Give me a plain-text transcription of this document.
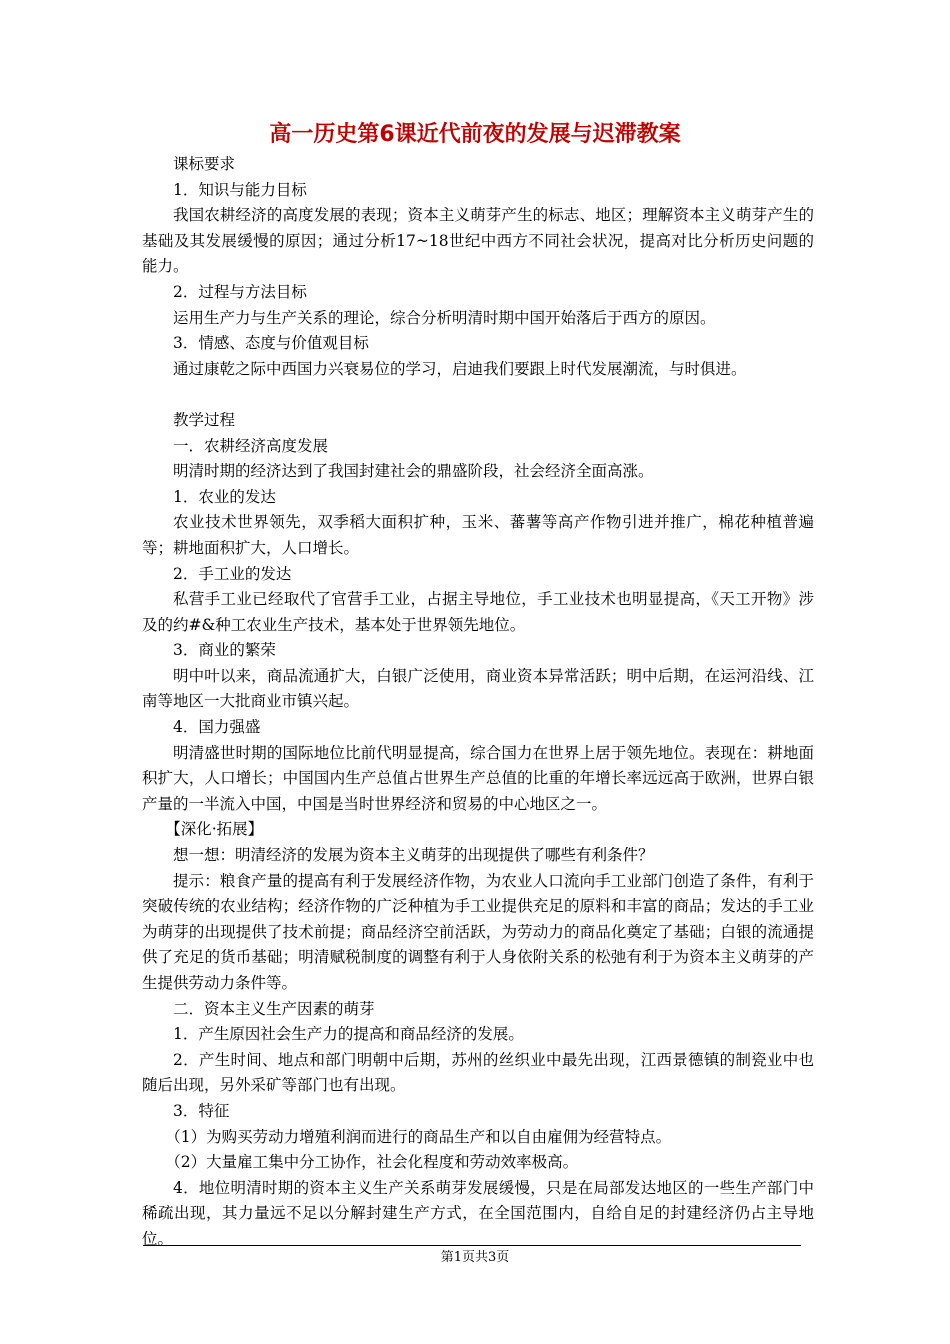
高一历史第6课近代前夜的发展与迟滞教案

课标要求

1．知识与能力目标

我国农耕经济的高度发展的表现；资本主义萌芽产生的标志、地区；理解资本主义萌芽产生的基础及其发展缓慢的原因；通过分析17~18世纪中西方不同社会状况，提高对比分析历史问题的能力。

2．过程与方法目标

运用生产力与生产关系的理论，综合分析明清时期中国开始落后于西方的原因。

3．情感、态度与价值观目标

通过康乾之际中西国力兴衰易位的学习，启迪我们要跟上时代发展潮流，与时俱进。

教学过程

一．农耕经济高度发展

明清时期的经济达到了我国封建社会的鼎盛阶段，社会经济全面高涨。

1．农业的发达

农业技术世界领先，双季稻大面积扩种，玉米、蕃薯等高产作物引进并推广，棉花种植普遍等；耕地面积扩大，人口增长。

2．手工业的发达

私营手工业已经取代了官营手工业，占据主导地位，手工业技术也明显提高，《天工开物》涉及的约#&种工农业生产技术，基本处于世界领先地位。

3．商业的繁荣

明中叶以来，商品流通扩大，白银广泛使用，商业资本异常活跃；明中后期，在运河沿线、江南等地区一大批商业市镇兴起。

4．国力强盛

明清盛世时期的国际地位比前代明显提高，综合国力在世界上居于领先地位。表现在：耕地面积扩大，人口增长；中国国内生产总值占世界生产总值的比重的年增长率远远高于欧洲，世界白银产量的一半流入中国，中国是当时世界经济和贸易的中心地区之一。

【深化·拓展】

想一想：明清经济的发展为资本主义萌芽的出现提供了哪些有利条件？

提示：粮食产量的提高有利于发展经济作物，为农业人口流向手工业部门创造了条件，有利于突破传统的农业结构；经济作物的广泛种植为手工业提供充足的原料和丰富的商品；发达的手工业为萌芽的出现提供了技术前提；商品经济空前活跃，为劳动力的商品化奠定了基础；白银的流通提供了充足的货币基础；明清赋税制度的调整有利于人身依附关系的松弛有利于为资本主义萌芽的产生提供劳动力条件等。

二．资本主义生产因素的萌芽

1．产生原因社会生产力的提高和商品经济的发展。

2．产生时间、地点和部门明朝中后期，苏州的丝织业中最先出现，江西景德镇的制瓷业中也随后出现，另外采矿等部门也有出现。

3．特征

（1）为购买劳动力增殖利润而进行的商品生产和以自由雇佣为经营特点。

（2）大量雇工集中分工协作，社会化程度和劳动效率极高。

4．地位明清时期的资本主义生产关系萌芽发展缓慢，只是在局部发达地区的一些生产部门中稀疏出现，其力量远不足以分解封建生产方式，在全国范围内，自给自足的封建经济仍占主导地位。

第1页共3页
